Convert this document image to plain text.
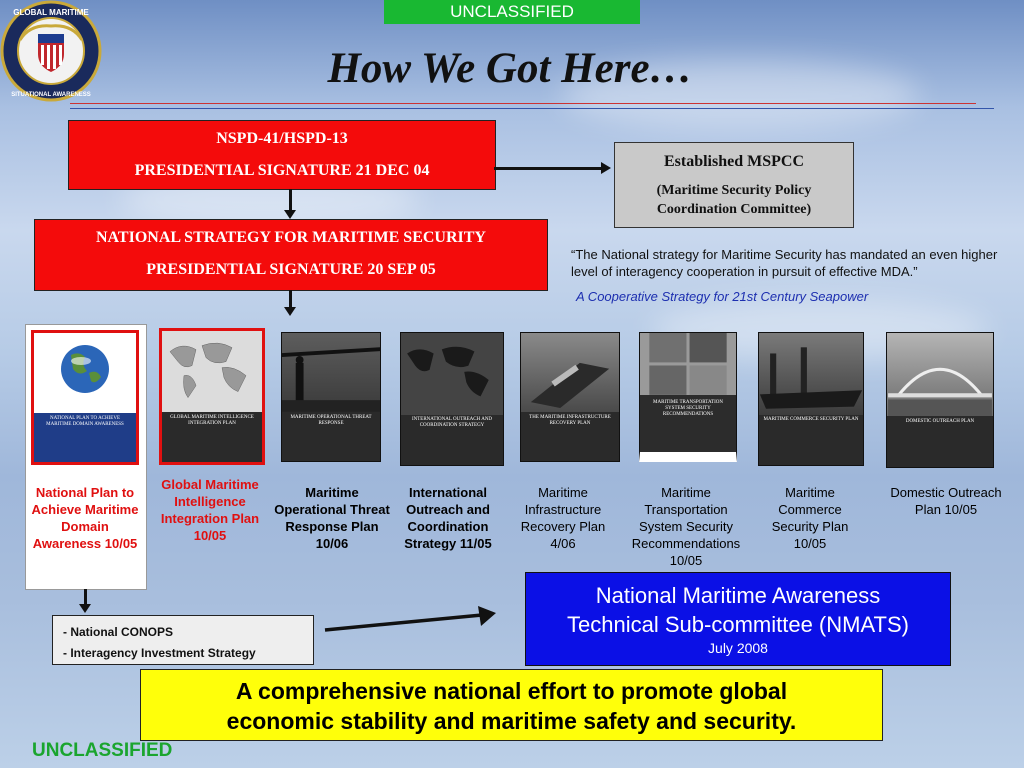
UNCLASSIFIED
GLOBAL MARITIME
SITUATIONAL AWARENESS
How We Got Here…
NSPD-41/HSPD-13
PRESIDENTIAL SIGNATURE 21 DEC 04
Established MSPCC
(Maritime Security Policy
Coordination Committee)
NATIONAL STRATEGY FOR MARITIME SECURITY
PRESIDENTIAL SIGNATURE 20 SEP 05
“The National strategy for Maritime Security has mandated an even higher level of interagency cooperation in pursuit of effective MDA.”
A Cooperative Strategy for 21st Century Seapower
NATIONAL PLAN TO ACHIEVE MARITIME DOMAIN AWARENESS
National Plan to Achieve Maritime Domain Awareness 10/05
GLOBAL MARITIME INTELLIGENCE INTEGRATION PLAN
Global Maritime Intelligence Integration Plan 10/05
MARITIME OPERATIONAL THREAT RESPONSE
Maritime Operational Threat Response Plan 10/06
INTERNATIONAL OUTREACH AND COORDINATION STRATEGY
International Outreach and Coordination Strategy 11/05
THE MARITIME INFRASTRUCTURE RECOVERY PLAN
Maritime Infrastructure Recovery Plan 4/06
MARITIME TRANSPORTATION SYSTEM SECURITY RECOMMENDATIONS
Maritime Transportation System Security Recommendations 10/05
MARITIME COMMERCE SECURITY PLAN
Maritime Commerce Security Plan 10/05
DOMESTIC OUTREACH PLAN
Domestic Outreach Plan 10/05
- National CONOPS
- Interagency Investment Strategy
National Maritime Awareness
Technical Sub-committee (NMATS)
July 2008
A comprehensive national effort to promote global
economic stability and maritime safety and security.
UNCLASSIFIED
